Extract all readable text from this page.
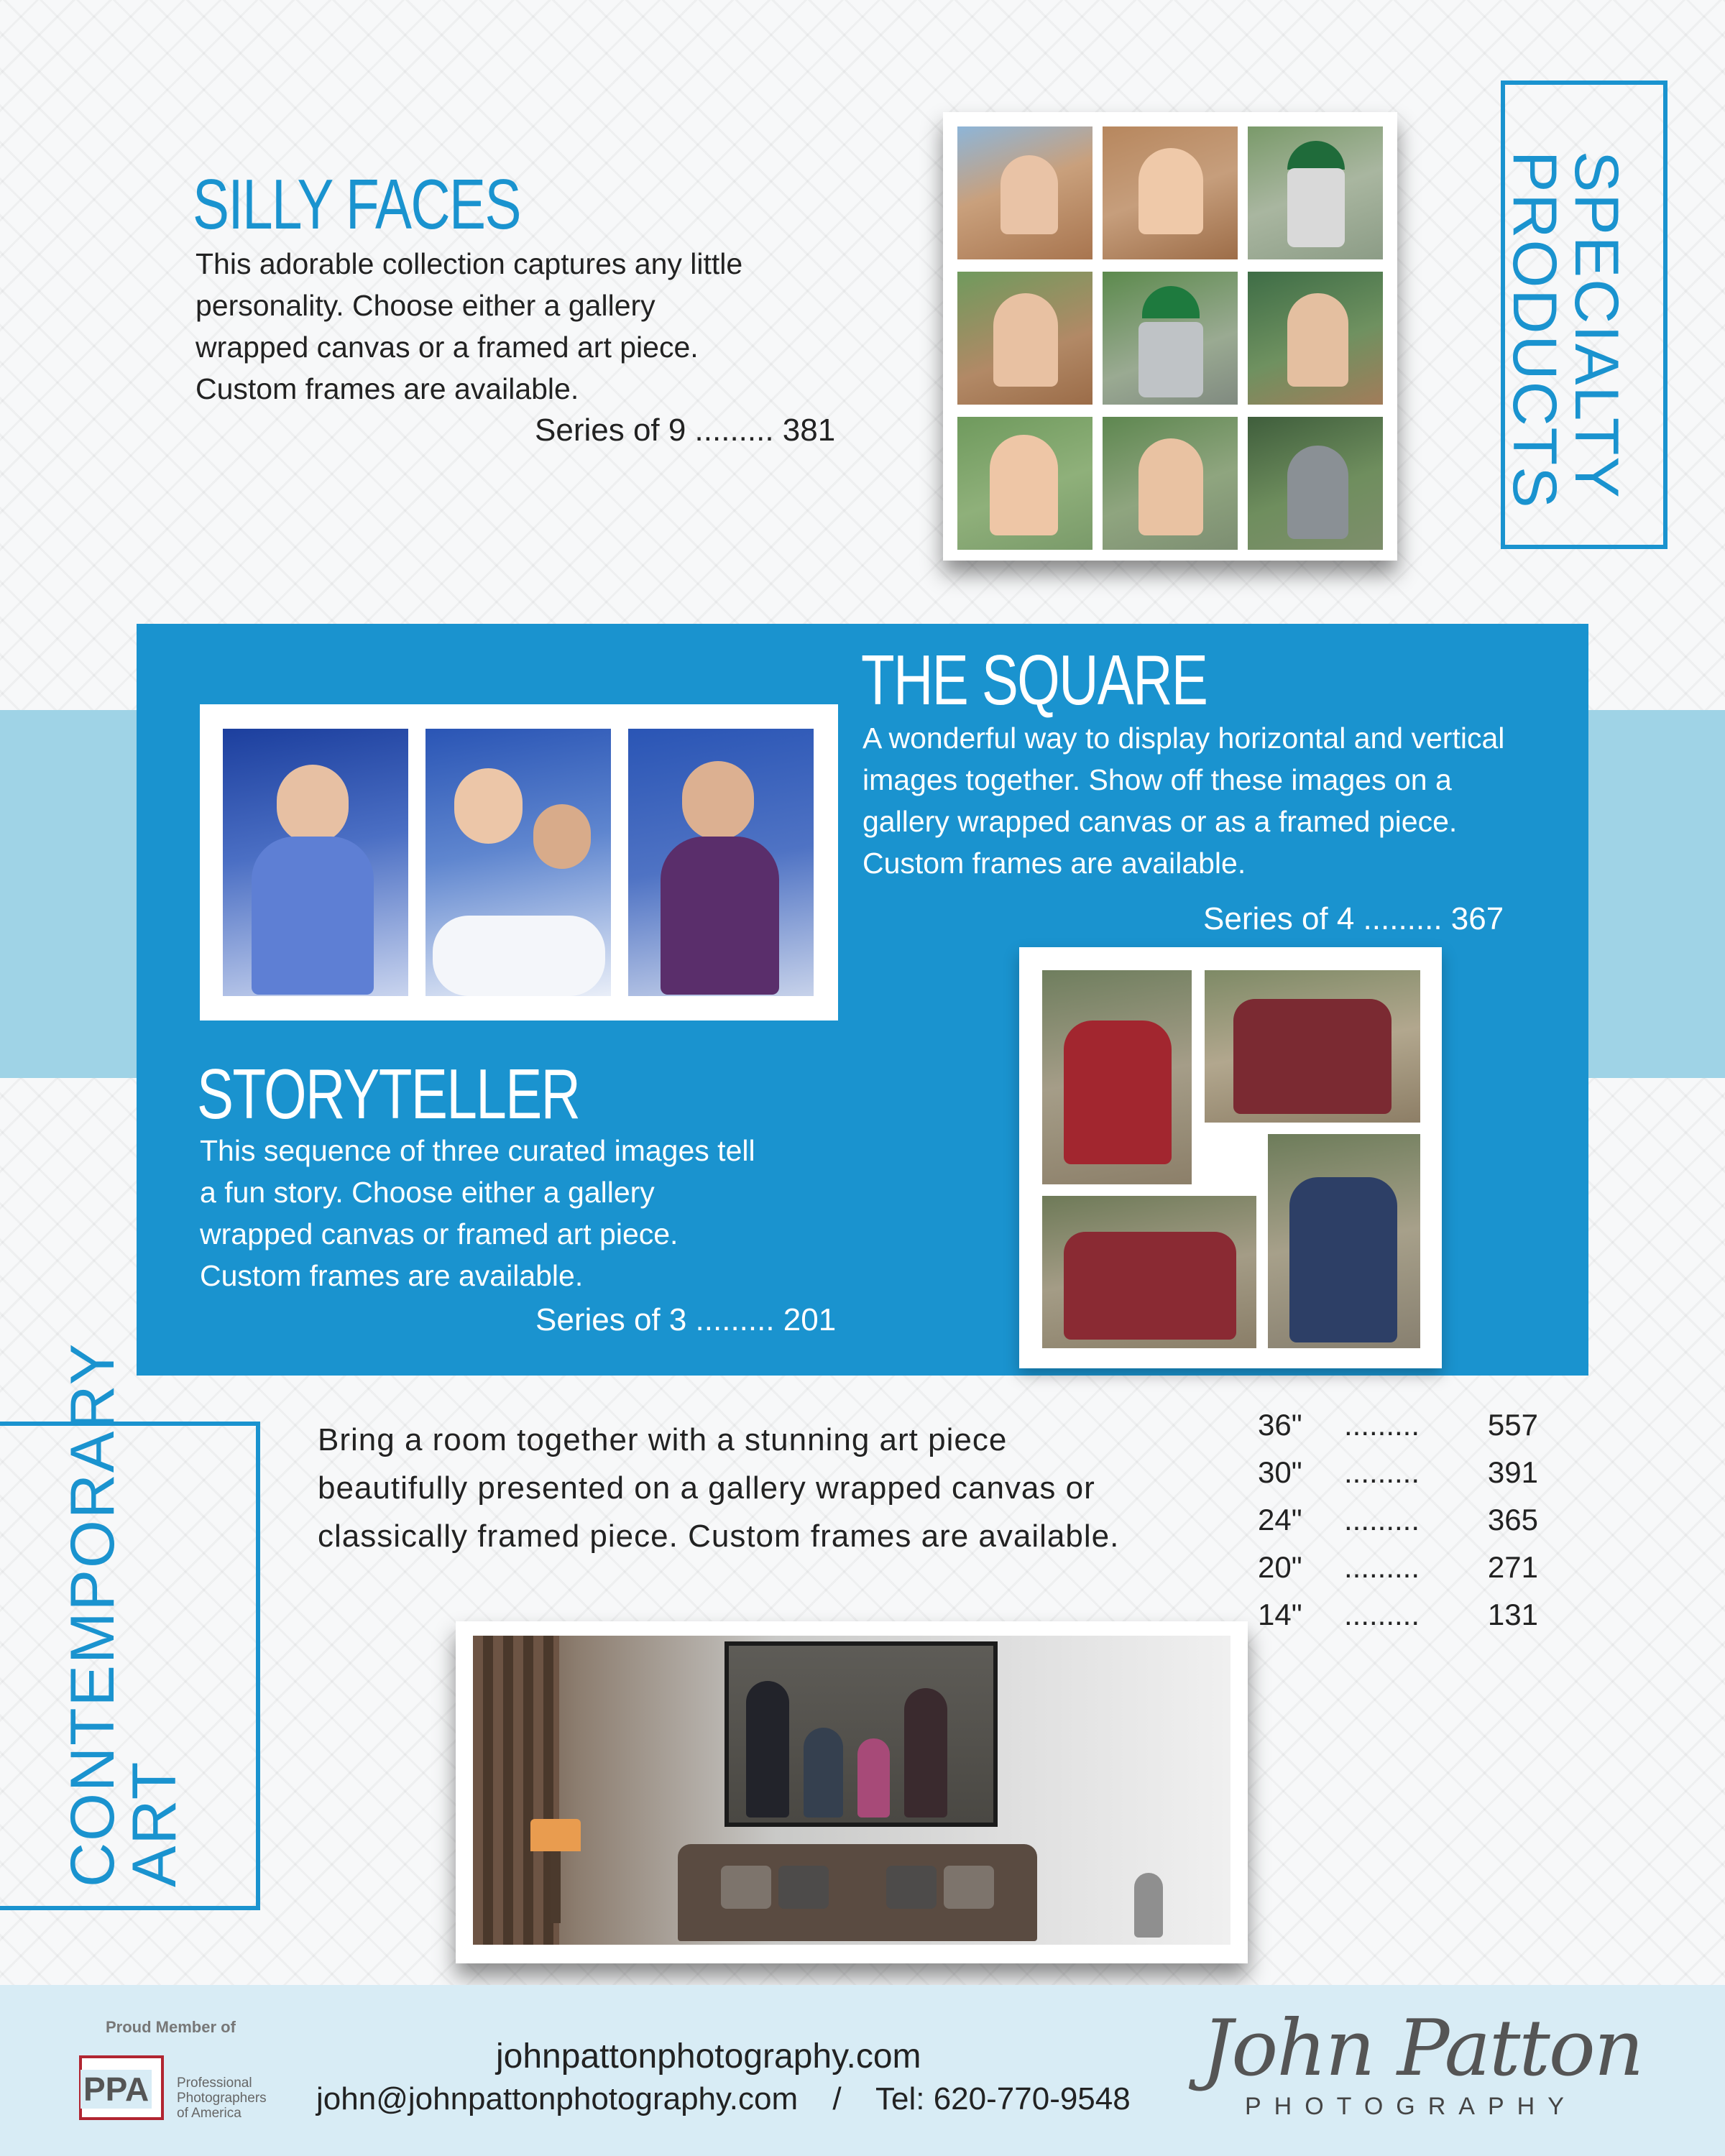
SILLY FACES
This adorable collection captures any little personality. Choose either a gallery wrapped canvas or a framed art piece. Custom frames are available.
Series of 9 ......... 381	SPECIALTY
PRODUCTS
THE SQUARE
A wonderful way to display horizontal and vertical images together. Show off these images on a gallery wrapped canvas or as a framed piece. Custom frames are available.
Series of 4 ......... 367
STORYTELLER
This sequence of three curated images tell a fun story. Choose either a gallery wrapped canvas or framed art piece. Custom frames are available.
Series of 3 ......... 201
CONTEMPORARY
ART
Bring a room together with a stunning art piece beautifully presented on a gallery wrapped canvas or classically framed piece. Custom frames are available.
36"	.........	557
30"	.........	391
24"	.........	365
20"	.........	271
14"	.........	131
Proud Member of
PPA Professional
Photographers
of America
johnpattonphotography.com
john@johnpattonphotography.com / Tel: 620-770-9548
John Patton
PHOTOGRAPHY
